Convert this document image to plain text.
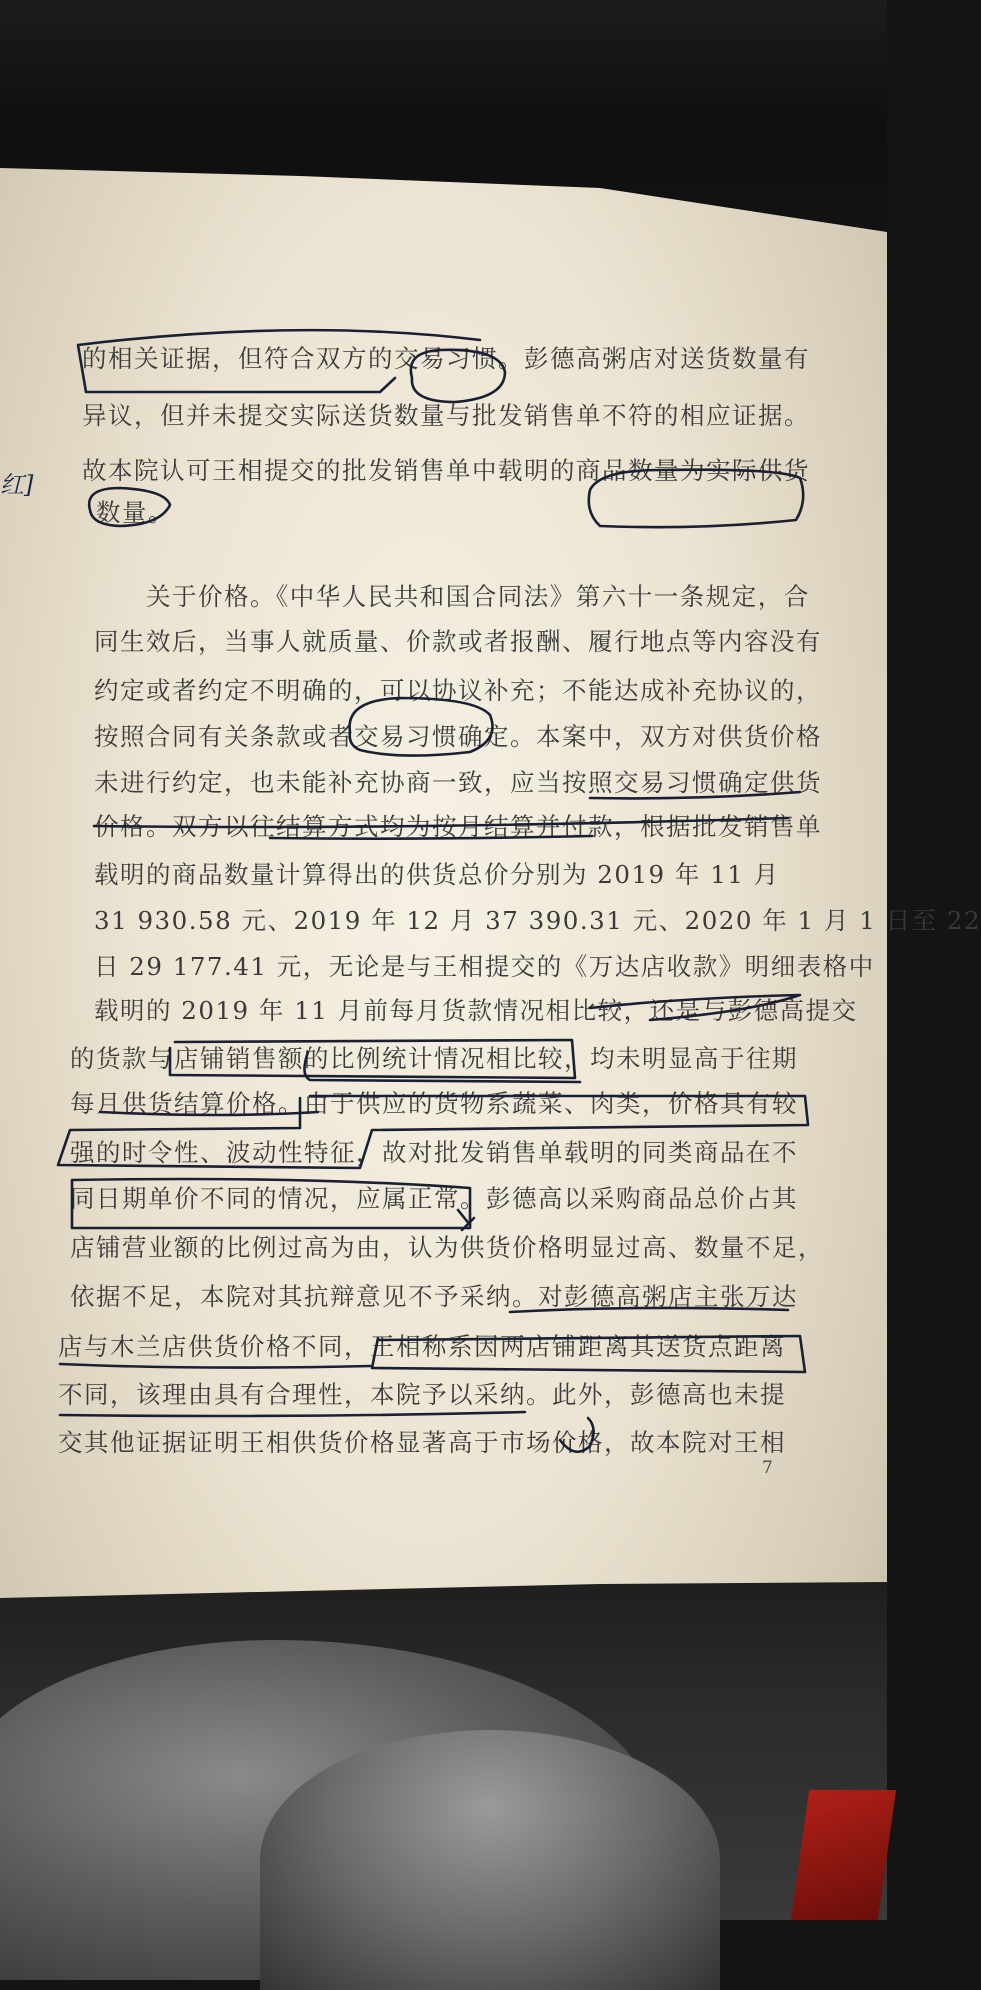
红]
的相关证据，但符合双方的交易习惯。彭德高粥店对送货数量有
异议，但并未提交实际送货数量与批发销售单不符的相应证据。
故本院认可王相提交的批发销售单中载明的商品数量为实际供货
数量。
关于价格。《中华人民共和国合同法》第六十一条规定，合
同生效后，当事人就质量、价款或者报酬、履行地点等内容没有
约定或者约定不明确的，可以协议补充；不能达成补充协议的，
按照合同有关条款或者交易习惯确定。本案中，双方对供货价格
未进行约定，也未能补充协商一致，应当按照交易习惯确定供货
价格。双方以往结算方式均为按月结算并付款，根据批发销售单
载明的商品数量计算得出的供货总价分别为 2019 年 11 月
31 930.58 元、2019 年 12 月 37 390.31 元、2020 年 1 月 1 日至 22
日 29 177.41 元，无论是与王相提交的《万达店收款》明细表格中
载明的 2019 年 11 月前每月货款情况相比较，还是与彭德高提交
的货款与店铺销售额的比例统计情况相比较，均未明显高于往期
每月供货结算价格。由于供应的货物系蔬菜、肉类，价格具有较
强的时令性、波动性特征，故对批发销售单载明的同类商品在不
同日期单价不同的情况，应属正常。彭德高以采购商品总价占其
店铺营业额的比例过高为由，认为供货价格明显过高、数量不足，
依据不足，本院对其抗辩意见不予采纳。对彭德高粥店主张万达
店与木兰店供货价格不同，王相称系因两店铺距离其送货点距离
不同，该理由具有合理性，本院予以采纳。此外，彭德高也未提
交其他证据证明王相供货价格显著高于市场价格，故本院对王相
7
